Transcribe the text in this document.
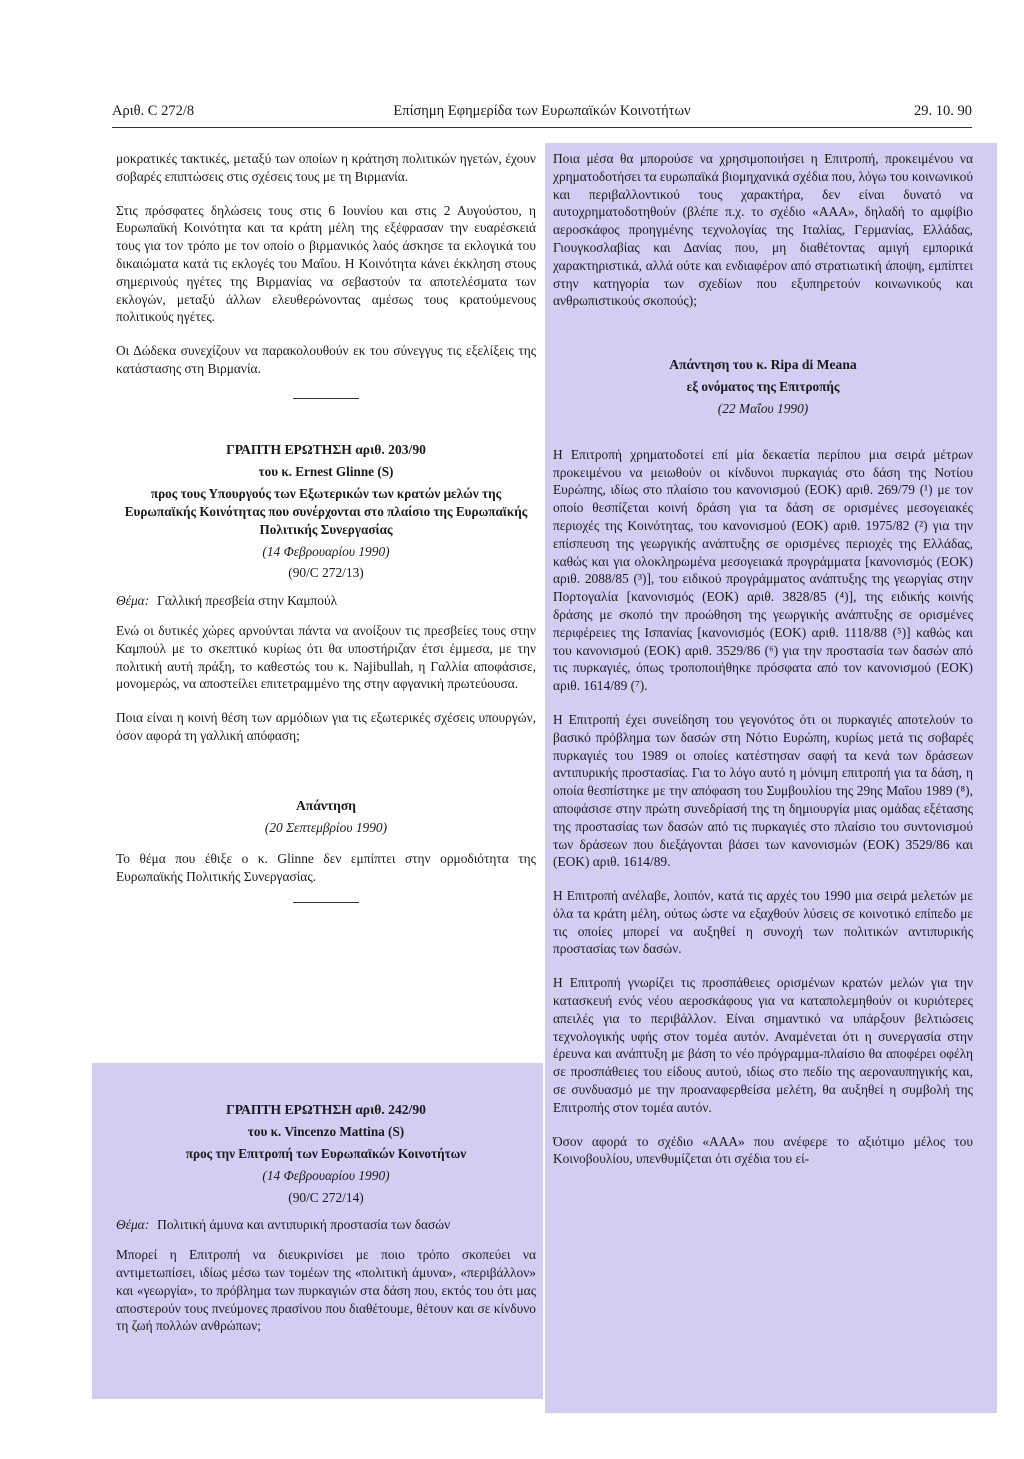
Αριθ. C 272/8	Επίσημη Εφημερίδα των Ευρωπαϊκών Κοινοτήτων	29. 10. 90

μοκρατικές τακτικές, μεταξύ των οποίων η κράτηση πολιτικών ηγετών, έχουν σοβαρές επιπτώσεις στις σχέσεις τους με τη Βιρμανία.

Στις πρόσφατες δηλώσεις τους στις 6 Ιουνίου και στις 2 Αυγούστου, η Ευρωπαϊκή Κοινότητα και τα κράτη μέλη της εξέφρασαν την ευαρέσκειά τους για τον τρόπο με τον οποίο ο βιρμανικός λαός άσκησε τα εκλογικά του δικαιώματα κατά τις εκλογές του Μαΐου. Η Κοινότητα κάνει έκκληση στους σημερινούς ηγέτες της Βιρμανίας να σεβαστούν τα αποτελέσματα των εκλογών, μεταξύ άλλων ελευθερώνοντας αμέσως τους κρατούμενους πολιτικούς ηγέτες.

Οι Δώδεκα συνεχίζουν να παρακολουθούν εκ του σύνεγγυς τις εξελίξεις της κατάστασης στη Βιρμανία.

ΓΡΑΠΤΗ ΕΡΩΤΗΣΗ αριθ. 203/90
του κ. Ernest Glinne (S)
προς τους Υπουργούς των Εξωτερικών των κρατών μελών της Ευρωπαϊκής Κοινότητας που συνέρχονται στο πλαίσιο της Ευρωπαϊκής Πολιτικής Συνεργασίας
(14 Φεβρουαρίου 1990)
(90/C 272/13)
Θέμα: Γαλλική πρεσβεία στην Καμπούλ

Ενώ οι δυτικές χώρες αρνούνται πάντα να ανοίξουν τις πρεσβείες τους στην Καμπούλ με το σκεπτικό κυρίως ότι θα υποστήριζαν έτσι έμμεσα, με την πολιτική αυτή πράξη, το καθεστώς του κ. Najibullah, η Γαλλία αποφάσισε, μονομερώς, να αποστείλει επιτετραμμένο της στην αφγανική πρωτεύουσα.

Ποια είναι η κοινή θέση των αρμόδιων για τις εξωτερικές σχέσεις υπουργών, όσον αφορά τη γαλλική απόφαση;

Απάντηση
(20 Σεπτεμβρίου 1990)

Το θέμα που έθιξε ο κ. Glinne δεν εμπίπτει στην ορμοδιότητα της Ευρωπαϊκής Πολιτικής Συνεργασίας.

ΓΡΑΠΤΗ ΕΡΩΤΗΣΗ αριθ. 242/90
του κ. Vincenzo Mattina (S)
προς την Επιτροπή των Ευρωπαϊκών Κοινοτήτων
(14 Φεβρουαρίου 1990)
(90/C 272/14)
Θέμα: Πολιτική άμυνα και αντιπυρική προστασία των δασών

Μπορεί η Επιτροπή να διευκρινίσει με ποιο τρόπο σκοπεύει να αντιμετωπίσει, ιδίως μέσω των τομέων της «πολιτική άμυνα», «περιβάλλον» και «γεωργία», το πρόβλημα των πυρκαγιών στα δάση που, εκτός του ότι μας αποστερούν τους πνεύμονες πρασίνου που διαθέτουμε, θέτουν και σε κίνδυνο τη ζωή πολλών ανθρώπων;

Ποια μέσα θα μπορούσε να χρησιμοποιήσει η Επιτροπή, προκειμένου να χρηματοδοτήσει τα ευρωπαϊκά βιομηχανικά σχέδια που, λόγω του κοινωνικού και περιβαλλοντικού τους χαρακτήρα, δεν είναι δυνατό να αυτοχρηματοδοτηθούν (βλέπε π.χ. το σχέδιο «ΑΑΑ», δηλαδή το αμφίβιο αεροσκάφος προηγμένης τεχνολογίας της Ιταλίας, Γερμανίας, Ελλάδας, Γιουγκοσλαβίας και Δανίας που, μη διαθέτοντας αμιγή εμπορικά χαρακτηριστικά, αλλά ούτε και ενδιαφέρον από στρατιωτική άποψη, εμπίπτει στην κατηγορία των σχεδίων που εξυπηρετούν κοινωνικούς και ανθρωπιστικούς σκοπούς);

Απάντηση του κ. Ripa di Meana
εξ ονόματος της Επιτροπής
(22 Μαΐου 1990)

Η Επιτροπή χρηματοδοτεί επί μία δεκαετία περίπου μια σειρά μέτρων προκειμένου να μειωθούν οι κίνδυνοι πυρκαγιάς στο δάση της Νοτίου Ευρώπης, ιδίως στο πλαίσιο του κανονισμού (ΕΟΚ) αριθ. 269/79 (¹) με τον οποίο θεσπίζεται κοινή δράση για τα δάση σε ορισμένες μεσογειακές περιοχές της Κοινότητας, του κανονισμού (ΕΟΚ) αριθ. 1975/82 (²) για την επίσπευση της γεωργικής ανάπτυξης σε ορισμένες περιοχές της Ελλάδας, καθώς και για ολοκληρωμένα μεσογειακά προγράμματα [κανονισμός (ΕΟΚ) αριθ. 2088/85 (³)], του ειδικού προγράμματος ανάπτυξης της γεωργίας στην Πορτογαλία [κανονισμός (ΕΟΚ) αριθ. 3828/85 (⁴)], της ειδικής κοινής δράσης με σκοπό την προώθηση της γεωργικής ανάπτυξης σε ορισμένες περιφέρειες της Ισπανίας [κανονισμός (ΕΟΚ) αριθ. 1118/88 (⁵)] καθώς και του κανονισμού (ΕΟΚ) αριθ. 3529/86 (⁶) για την προστασία των δασών από τις πυρκαγιές, όπως τροποποιήθηκε πρόσφατα από τον κανονισμού (ΕΟΚ) αριθ. 1614/89 (⁷).

Η Επιτροπή έχει συνείδηση του γεγονότος ότι οι πυρκαγιές αποτελούν το βασικό πρόβλημα των δασών στη Νότιο Ευρώπη, κυρίως μετά τις σοβαρές πυρκαγιές του 1989 οι οποίες κατέστησαν σαφή τα κενά των δράσεων αντιπυρικής προστασίας. Για το λόγο αυτό η μόνιμη επιτροπή για τα δάση, η οποία θεσπίστηκε με την απόφαση του Συμβουλίου της 29ης Μαΐου 1989 (⁸), αποφάσισε στην πρώτη συνεδρίασή της τη δημιουργία μιας ομάδας εξέτασης της προστασίας των δασών από τις πυρκαγιές στο πλαίσιο του συντονισμού των δράσεων που διεξάγονται βάσει των κανονισμών (ΕΟΚ) 3529/86 και (ΕΟΚ) αριθ. 1614/89.

Η Επιτροπή ανέλαβε, λοιπόν, κατά τις αρχές του 1990 μια σειρά μελετών με όλα τα κράτη μέλη, ούτως ώστε να εξαχθούν λύσεις σε κοινοτικό επίπεδο με τις οποίες μπορεί να αυξηθεί η συνοχή των πολιτικών αντιπυρικής προστασίας των δασών.

Η Επιτροπή γνωρίζει τις προσπάθειες ορισμένων κρατών μελών για την κατασκευή ενός νέου αεροσκάφους για να καταπολεμηθούν οι κυριότερες απειλές για το περιβάλλον. Είναι σημαντικό να υπάρξουν βελτιώσεις τεχνολογικής υφής στον τομέα αυτόν. Αναμένεται ότι η συνεργασία στην έρευνα και ανάπτυξη με βάση το νέο πρόγραμμα-πλαίσιο θα αποφέρει οφέλη σε προσπάθειες του είδους αυτού, ιδίως στο πεδίο της αεροναυπηγικής και, σε συνδυασμό με την προαναφερθείσα μελέτη, θα αυξηθεί η συμβολή της Επιτροπής στον τομέα αυτόν.

Όσον αφορά το σχέδιο «ΑΑΑ» που ανέφερε το αξιότιμο μέλος του Κοινοβουλίου, υπενθυμίζεται ότι σχέδια του εί-
